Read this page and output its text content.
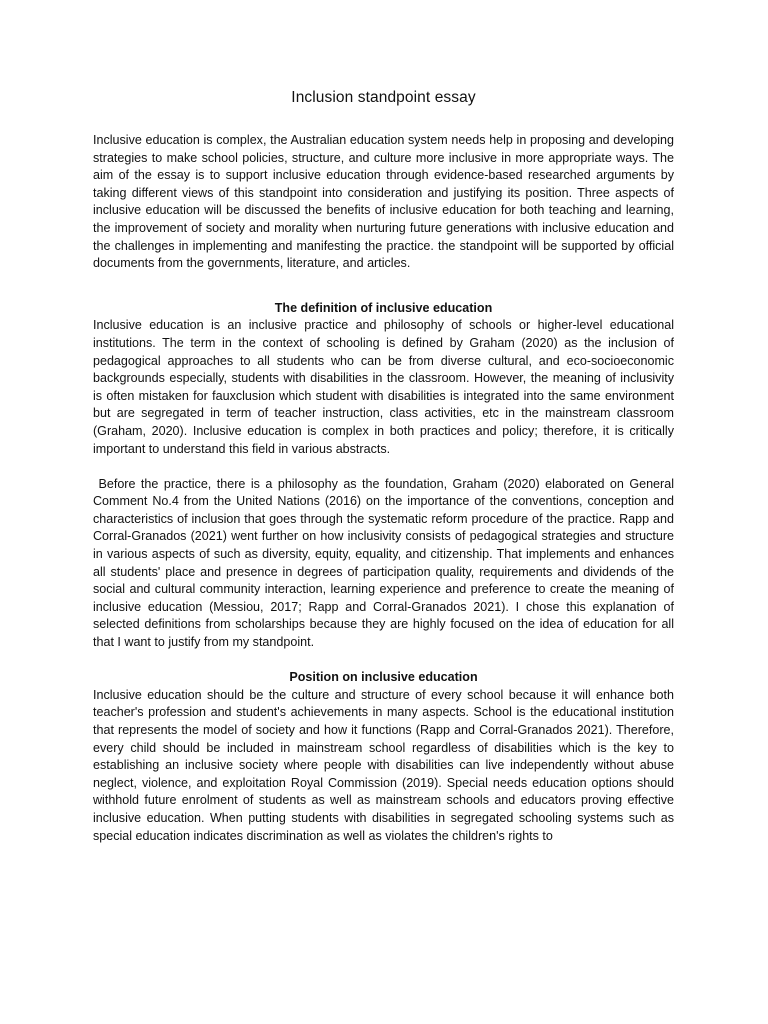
Inclusion standpoint essay

Inclusive education is complex, the Australian education system needs help in proposing and developing strategies to make school policies, structure, and culture more inclusive in more appropriate ways. The aim of the essay is to support inclusive education through evidence-based researched arguments by taking different views of this standpoint into consideration and justifying its position. Three aspects of inclusive education will be discussed the benefits of inclusive education for both teaching and learning, the improvement of society and morality when nurturing future generations with inclusive education and the challenges in implementing and manifesting the practice. the standpoint will be supported by official documents from the governments, literature, and articles.

The definition of inclusive education

Inclusive education is an inclusive practice and philosophy of schools or higher-level educational institutions. The term in the context of schooling is defined by Graham (2020) as the inclusion of pedagogical approaches to all students who can be from diverse cultural, and eco-socioeconomic backgrounds especially, students with disabilities in the classroom. However, the meaning of inclusivity is often mistaken for fauxclusion which student with disabilities is integrated into the same environment but are segregated in term of teacher instruction, class activities, etc in the mainstream classroom (Graham, 2020). Inclusive education is complex in both practices and policy; therefore, it is critically important to understand this field in various abstracts.

Before the practice, there is a philosophy as the foundation, Graham (2020) elaborated on General Comment No.4 from the United Nations (2016) on the importance of the conventions, conception and characteristics of inclusion that goes through the systematic reform procedure of the practice. Rapp and Corral-Granados (2021) went further on how inclusivity consists of pedagogical strategies and structure in various aspects of such as diversity, equity, equality, and citizenship. That implements and enhances all students' place and presence in degrees of participation quality, requirements and dividends of the social and cultural community interaction, learning experience and preference to create the meaning of inclusive education (Messiou, 2017; Rapp and Corral-Granados 2021). I chose this explanation of selected definitions from scholarships because they are highly focused on the idea of education for all that I want to justify from my standpoint.

Position on inclusive education

Inclusive education should be the culture and structure of every school because it will enhance both teacher's profession and student's achievements in many aspects. School is the educational institution that represents the model of society and how it functions (Rapp and Corral-Granados 2021). Therefore, every child should be included in mainstream school regardless of disabilities which is the key to establishing an inclusive society where people with disabilities can live independently without abuse neglect, violence, and exploitation Royal Commission (2019). Special needs education options should withhold future enrolment of students as well as mainstream schools and educators proving effective inclusive education. When putting students with disabilities in segregated schooling systems such as special education indicates discrimination as well as violates the children's rights to
